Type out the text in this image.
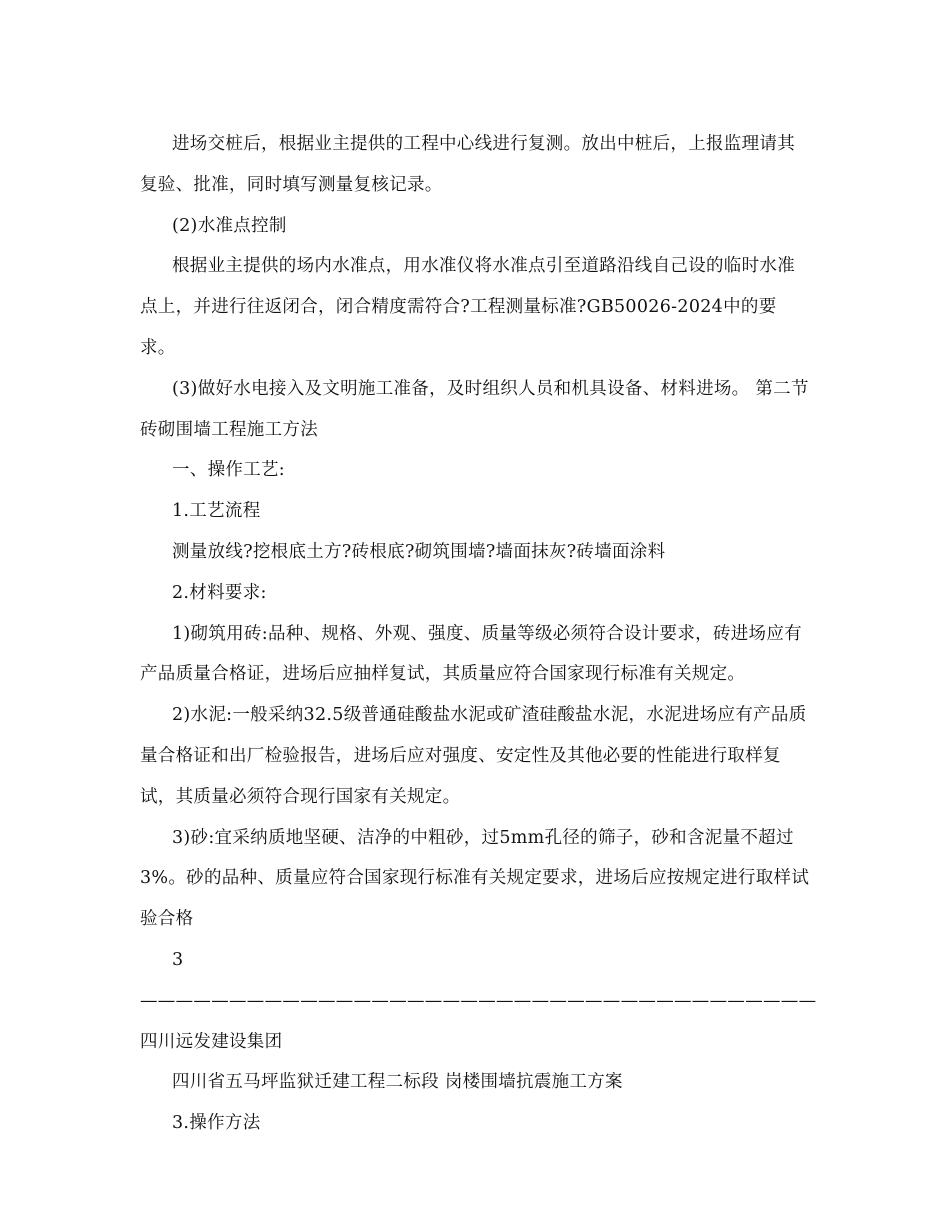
进场交桩后，根据业主提供的工程中心线进行复测。放出中桩后，上报监理请其复验、批准，同时填写测量复核记录。

(2)水准点控制

根据业主提供的场内水准点，用水准仪将水准点引至道路沿线自己设的临时水准点上，并进行往返闭合，闭合精度需符合?工程测量标准?GB50026-2024中的要求。

(3)做好水电接入及文明施工准备，及时组织人员和机具设备、材料进场。 第二节 砖砌围墙工程施工方法

一、操作工艺:

1.工艺流程

测量放线?挖根底土方?砖根底?砌筑围墙?墙面抹灰?砖墙面涂料

2.材料要求:

1)砌筑用砖:品种、规格、外观、强度、质量等级必须符合设计要求，砖进场应有产品质量合格证，进场后应抽样复试，其质量应符合国家现行标准有关规定。

2)水泥:一般采纳32.5级普通硅酸盐水泥或矿渣硅酸盐水泥，水泥进场应有产品质量合格证和出厂检验报告，进场后应对强度、安定性及其他必要的性能进行取样复试，其质量必须符合现行国家有关规定。

3)砂:宜采纳质地坚硬、洁净的中粗砂，过5mm孔径的筛子，砂和含泥量不超过3%。砂的品种、质量应符合国家现行标准有关规定要求，进场后应按规定进行取样试验合格

3 ——————————————————————————————————————四川远发建设集团

四川省五马坪监狱迁建工程二标段 岗楼围墙抗震施工方案

3.操作方法
